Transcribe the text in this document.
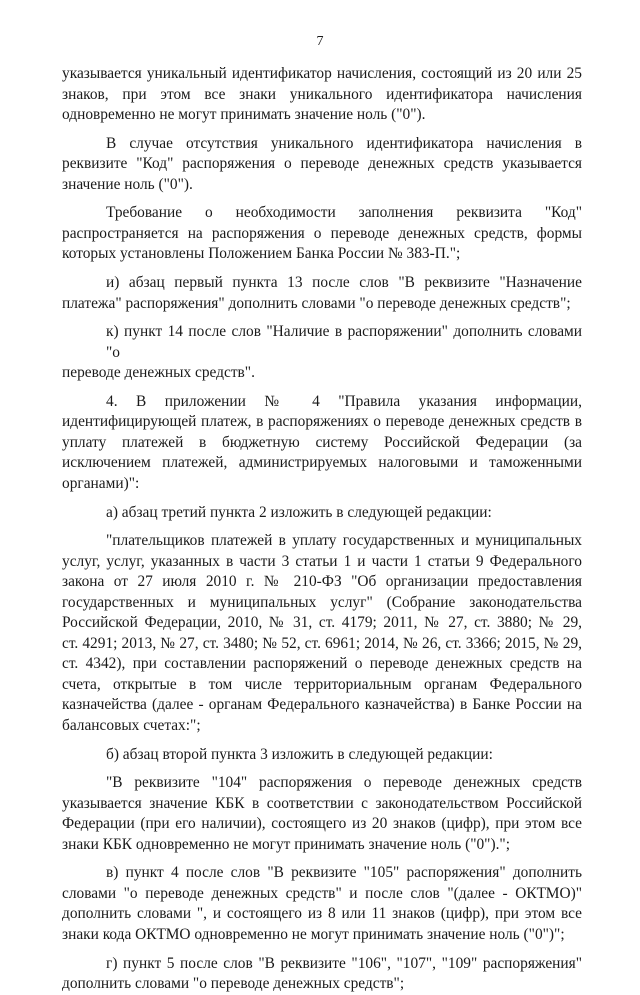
7
указывается уникальный идентификатор начисления, состоящий из 20 или 25
знаков, при этом все знаки уникального идентификатора начисления
одновременно не могут принимать значение ноль ("0").
В случае отсутствия уникального идентификатора начисления в
реквизите "Код" распоряжения о переводе денежных средств указывается
значение ноль ("0").
Требование о необходимости заполнения реквизита "Код"
распространяется на распоряжения о переводе денежных средств, формы
которых установлены Положением Банка России № 383-П.";
и) абзац первый пункта 13 после слов "В реквизите "Назначение
платежа" распоряжения" дополнить словами "о переводе денежных средств";
к) пункт 14 после слов "Наличие в распоряжении" дополнить словами "о
переводе денежных средств".
4. В приложении № 4 "Правила указания информации,
идентифицирующей платеж, в распоряжениях о переводе денежных средств в
уплату платежей в бюджетную систему Российской Федерации (за
исключением платежей, администрируемых налоговыми и таможенными
органами)":
а) абзац третий пункта 2 изложить в следующей редакции:
"плательщиков платежей в уплату государственных и муниципальных
услуг, услуг, указанных в части 3 статьи 1 и части 1 статьи 9 Федерального
закона от 27 июля 2010 г. № 210-ФЗ "Об организации предоставления
государственных и муниципальных услуг" (Собрание законодательства
Российской Федерации, 2010, № 31, ст. 4179; 2011, № 27, ст. 3880; № 29,
ст. 4291; 2013, № 27, ст. 3480; № 52, ст. 6961; 2014, № 26, ст. 3366; 2015, № 29,
ст. 4342), при составлении распоряжений о переводе денежных средств на
счета, открытые в том числе территориальным органам Федерального
казначейства (далее - органам Федерального казначейства) в Банке России на
балансовых счетах:";
б) абзац второй пункта 3 изложить в следующей редакции:
"В реквизите "104" распоряжения о переводе денежных средств
указывается значение КБК в соответствии с законодательством Российской
Федерации (при его наличии), состоящего из 20 знаков (цифр), при этом все
знаки КБК одновременно не могут принимать значение ноль ("0").";
в) пункт 4 после слов "В реквизите "105" распоряжения" дополнить
словами "о переводе денежных средств" и после слов "(далее - ОКТМО)"
дополнить словами ", и состоящего из 8 или 11 знаков (цифр), при этом все
знаки кода ОКТМО одновременно не могут принимать значение ноль ("0")";
г) пункт 5 после слов "В реквизите "106", "107", "109" распоряжения"
дополнить словами "о переводе денежных средств";
